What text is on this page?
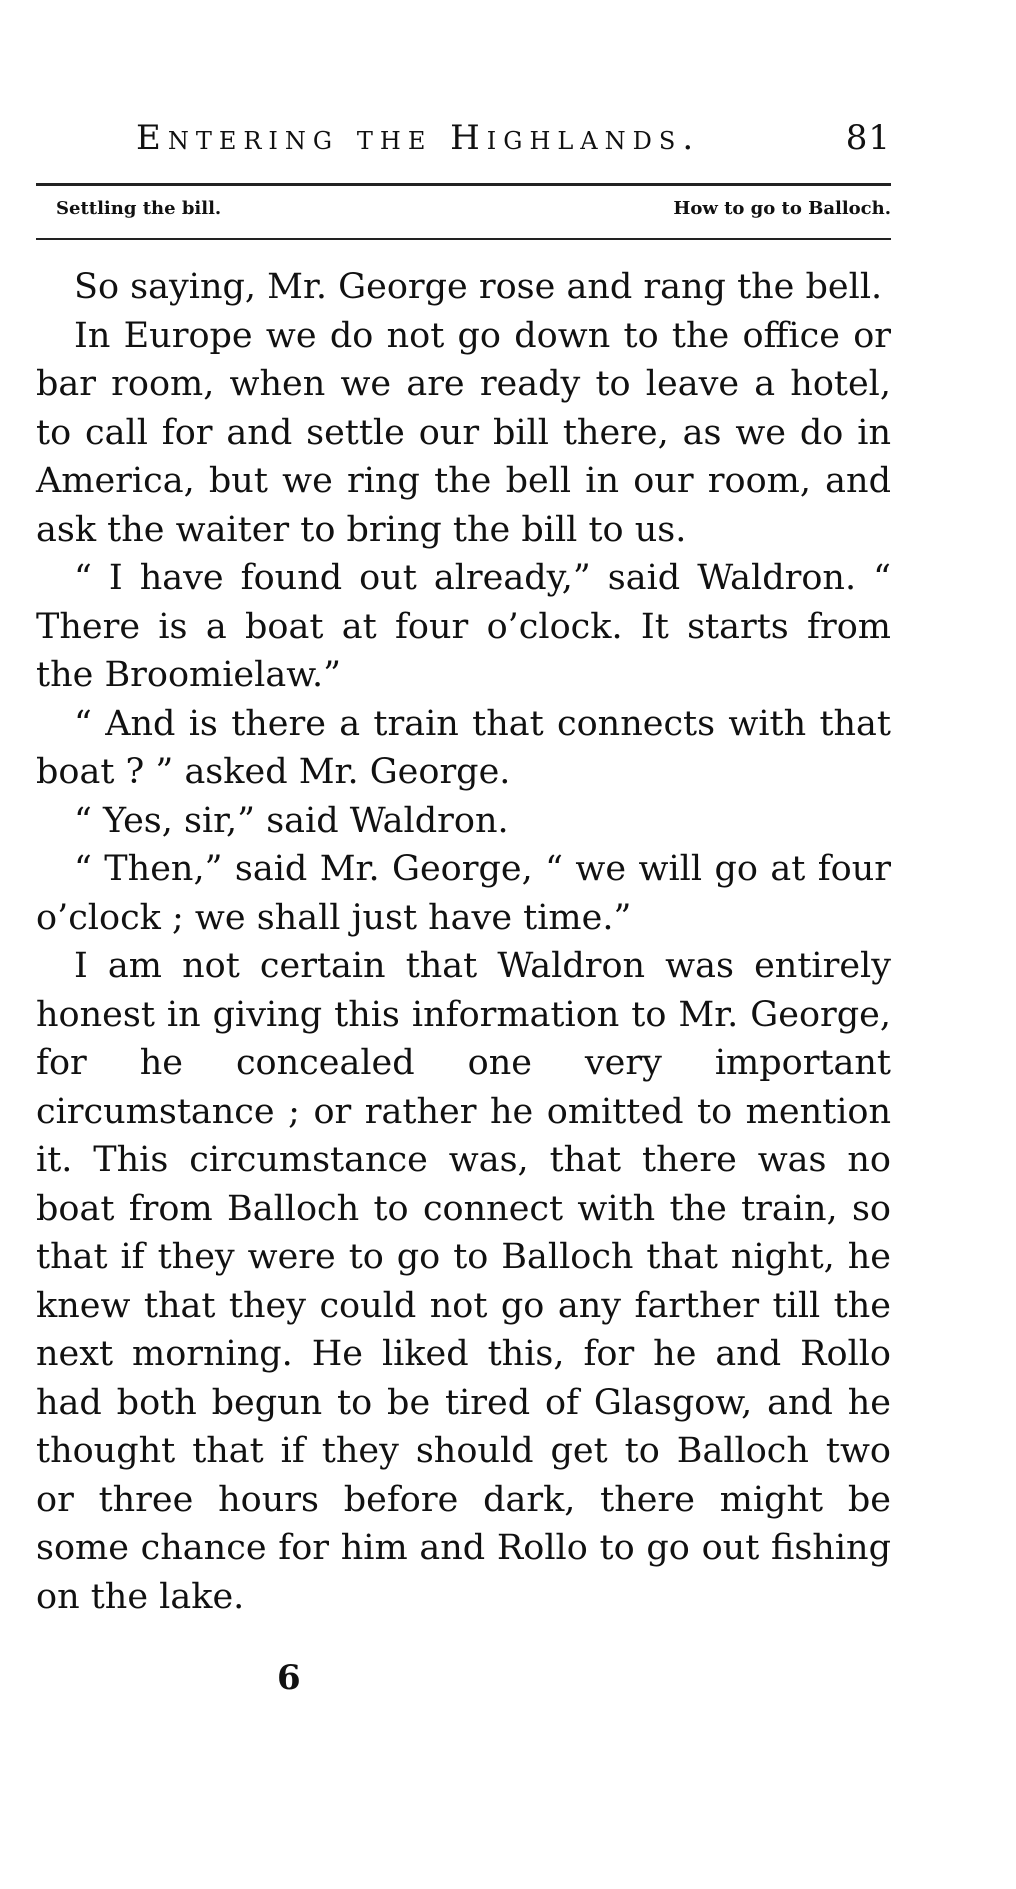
Entering the Highlands.	81
Settling the bill.	How to go to Balloch.

So saying, Mr. George rose and rang the bell.

In Europe we do not go down to the office or bar room, when we are ready to leave a hotel, to call for and settle our bill there, as we do in America, but we ring the bell in our room, and ask the waiter to bring the bill to us.

“ I have found out already,” said Waldron. “ There is a boat at four o’clock. It starts from the Broomielaw.”

“ And is there a train that connects with that boat ? ” asked Mr. George.

“ Yes, sir,” said Waldron.

“ Then,” said Mr. George, “ we will go at four o’clock ; we shall just have time.”

I am not certain that Waldron was entirely honest in giving this information to Mr. George, for he concealed one very important circumstance ; or rather he omitted to mention it. This circumstance was, that there was no boat from Balloch to connect with the train, so that if they were to go to Balloch that night, he knew that they could not go any farther till the next morning. He liked this, for he and Rollo had both begun to be tired of Glasgow, and he thought that if they should get to Balloch two or three hours before dark, there might be some chance for him and Rollo to go out fishing on the lake.

6
